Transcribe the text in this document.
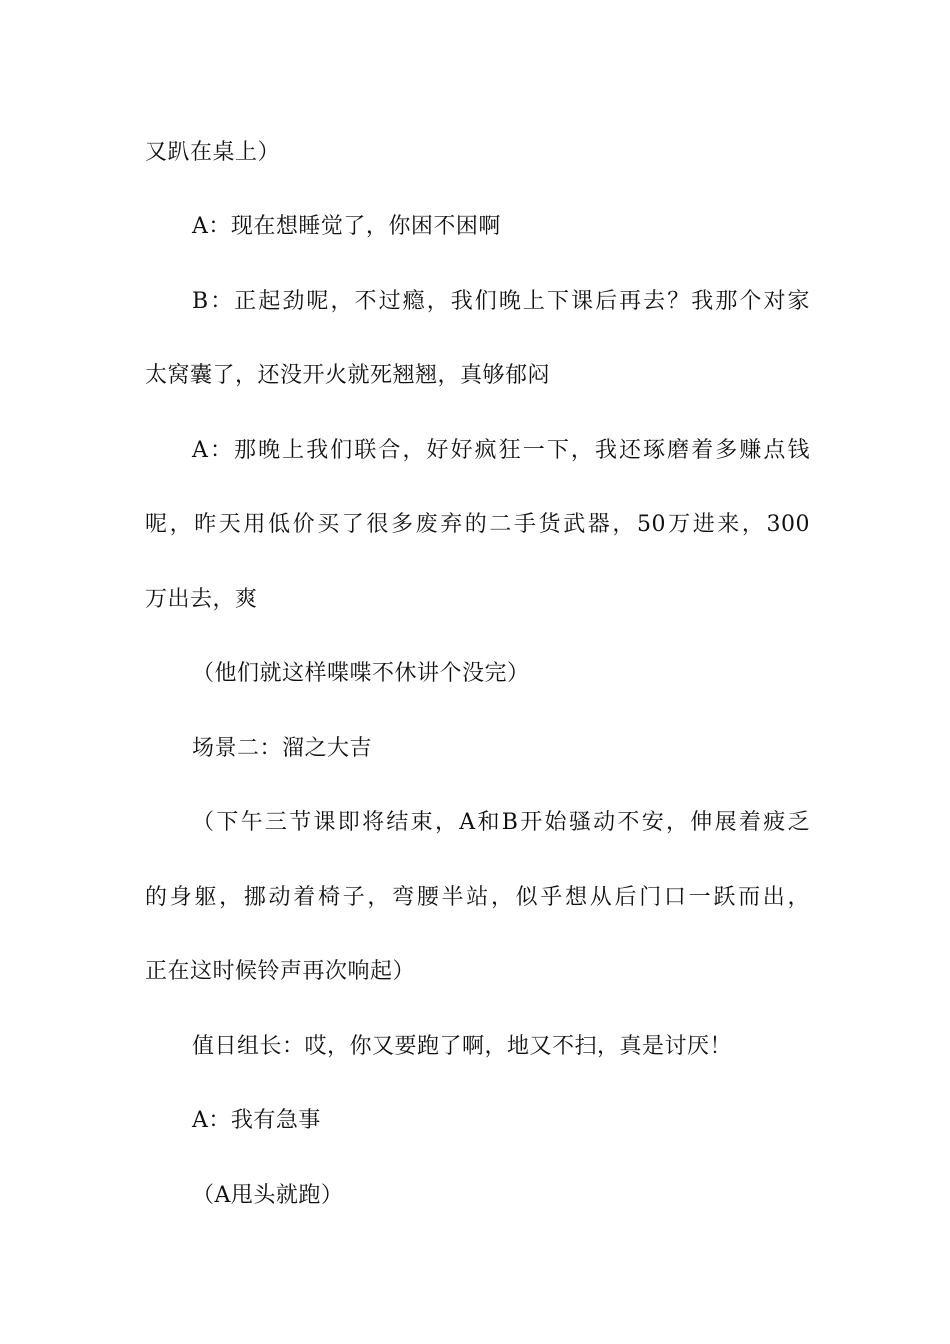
又趴在桌上）
A：现在想睡觉了，你困不困啊
B：正起劲呢，不过瘾，我们晚上下课后再去？我那个对家
太窝囊了，还没开火就死翘翘，真够郁闷
A：那晚上我们联合，好好疯狂一下，我还琢磨着多赚点钱
呢，昨天用低价买了很多废弃的二手货武器，50万进来，300
万出去，爽
（他们就这样喋喋不休讲个没完）
场景二：溜之大吉
（下午三节课即将结束，A和B开始骚动不安，伸展着疲乏
的身躯，挪动着椅子，弯腰半站，似乎想从后门口一跃而出，
正在这时候铃声再次响起）
值日组长：哎，你又要跑了啊，地又不扫，真是讨厌！
A：我有急事
（A甩头就跑）
